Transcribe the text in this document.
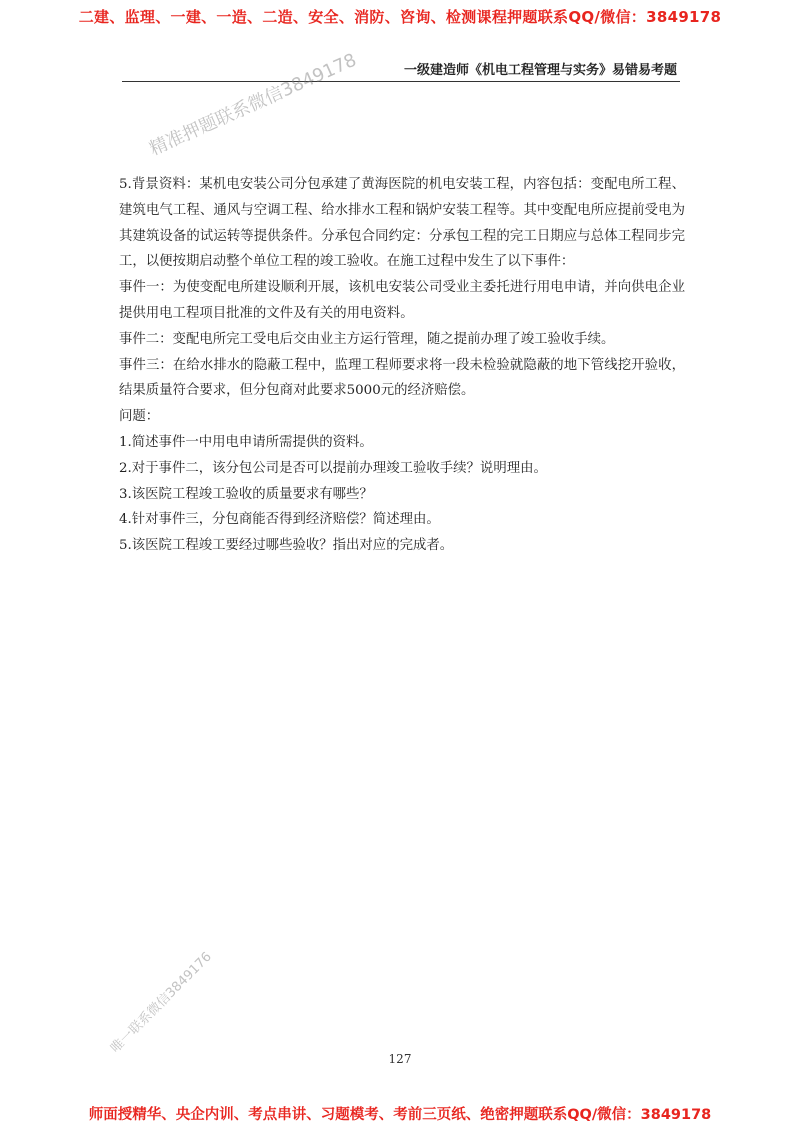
二建、监理、一建、一造、二造、安全、消防、咨询、检测课程押题联系QQ/微信：3849178
一级建造师《机电工程管理与实务》易错易考题
精准押题联系微信3849178

5.背景资料：某机电安装公司分包承建了黄海医院的机电安装工程，内容包括：变配电所工程、建筑电气工程、通风与空调工程、给水排水工程和锅炉安装工程等。其中变配电所应提前受电为其建筑设备的试运转等提供条件。分承包合同约定：分承包工程的完工日期应与总体工程同步完工，以便按期启动整个单位工程的竣工验收。在施工过程中发生了以下事件：

事件一：为使变配电所建设顺利开展，该机电安装公司受业主委托进行用电申请，并向供电企业提供用电工程项目批准的文件及有关的用电资料。

事件二：变配电所完工受电后交由业主方运行管理，随之提前办理了竣工验收手续。

事件三：在给水排水的隐蔽工程中，监理工程师要求将一段未检验就隐蔽的地下管线挖开验收，结果质量符合要求，但分包商对此要求5000元的经济赔偿。

问题：

1.简述事件一中用电申请所需提供的资料。

2.对于事件二，该分包公司是否可以提前办理竣工验收手续？说明理由。

3.该医院工程竣工验收的质量要求有哪些？

4.针对事件三，分包商能否得到经济赔偿？简述理由。

5.该医院工程竣工要经过哪些验收？指出对应的完成者。

唯一联系微信3849176
127
师面授精华、央企内训、考点串讲、习题模考、考前三页纸、绝密押题联系QQ/微信：3849178
